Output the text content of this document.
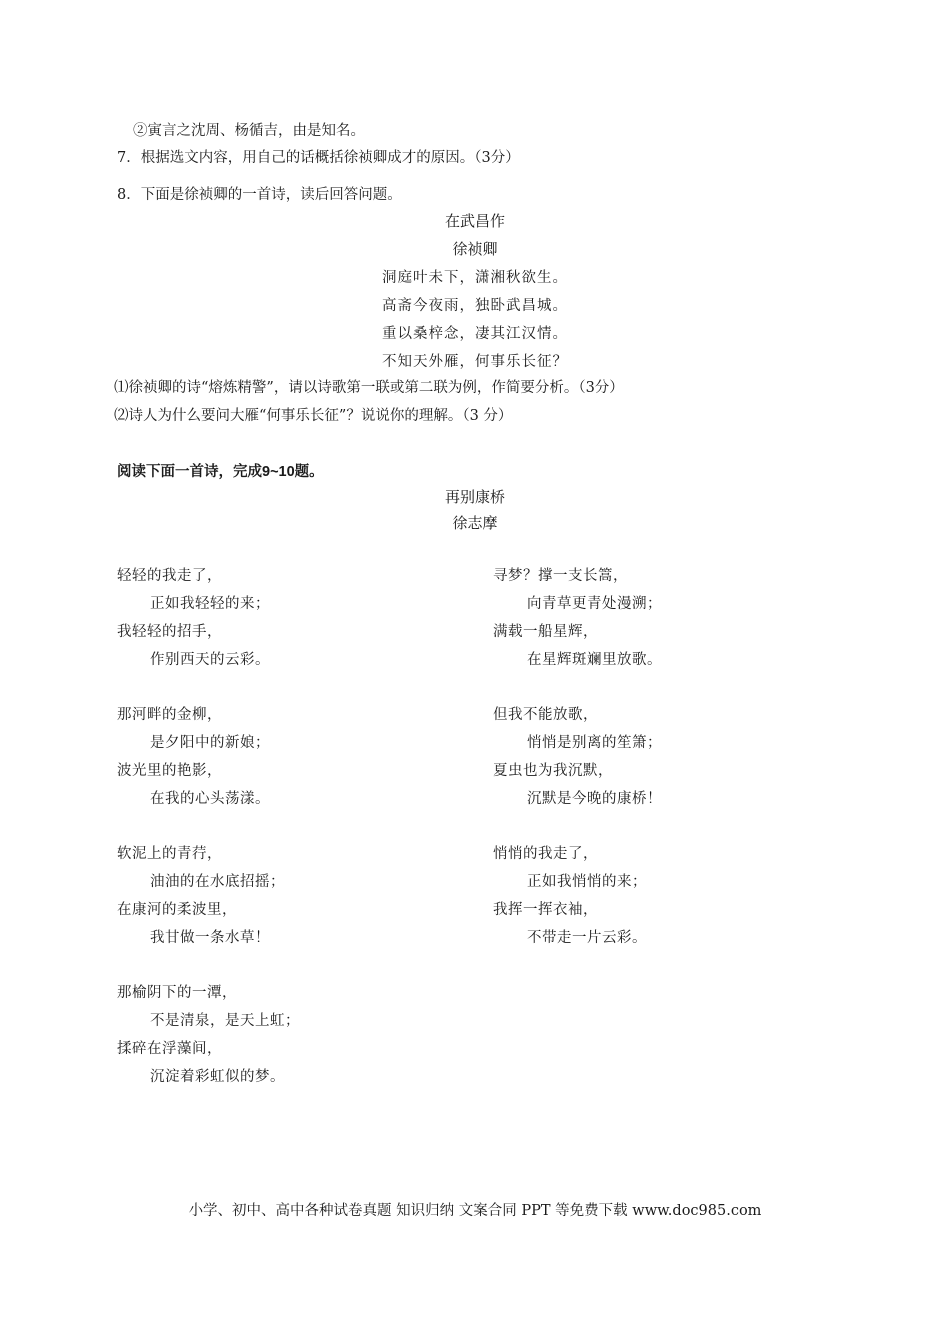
②寅言之沈周、杨循吉，由是知名。
7．根据选文内容，用自己的话概括徐祯卿成才的原因。（3分）
8．下面是徐祯卿的一首诗，读后回答问题。
在武昌作
徐祯卿
洞庭叶未下，潇湘秋欲生。
高斋今夜雨，独卧武昌城。
重以桑梓念，凄其江汉情。
不知天外雁，何事乐长征？
⑴徐祯卿的诗“熔炼精警”，请以诗歌第一联或第二联为例，作简要分析。（3分）
⑵诗人为什么要问大雁“何事乐长征”？说说你的理解。（3 分）
阅读下面一首诗，完成9~10题。
再别康桥
徐志摩
轻轻的我走了，
正如我轻轻的来；
我轻轻的招手，
作别西天的云彩。
那河畔的金柳，
是夕阳中的新娘；
波光里的艳影，
在我的心头荡漾。
软泥上的青荇，
油油的在水底招摇；
在康河的柔波里，
我甘做一条水草！
那榆阴下的一潭，
不是清泉，是天上虹；
揉碎在浮藻间，
沉淀着彩虹似的梦。
寻梦？撑一支长篙，
向青草更青处漫溯；
满载一船星辉，
在星辉斑斓里放歌。
但我不能放歌，
悄悄是别离的笙箫；
夏虫也为我沉默，
沉默是今晚的康桥！
悄悄的我走了，
正如我悄悄的来；
我挥一挥衣袖，
不带走一片云彩。
小学、初中、高中各种试卷真题 知识归纳 文案合同 PPT 等免费下载 www.doc985.com
